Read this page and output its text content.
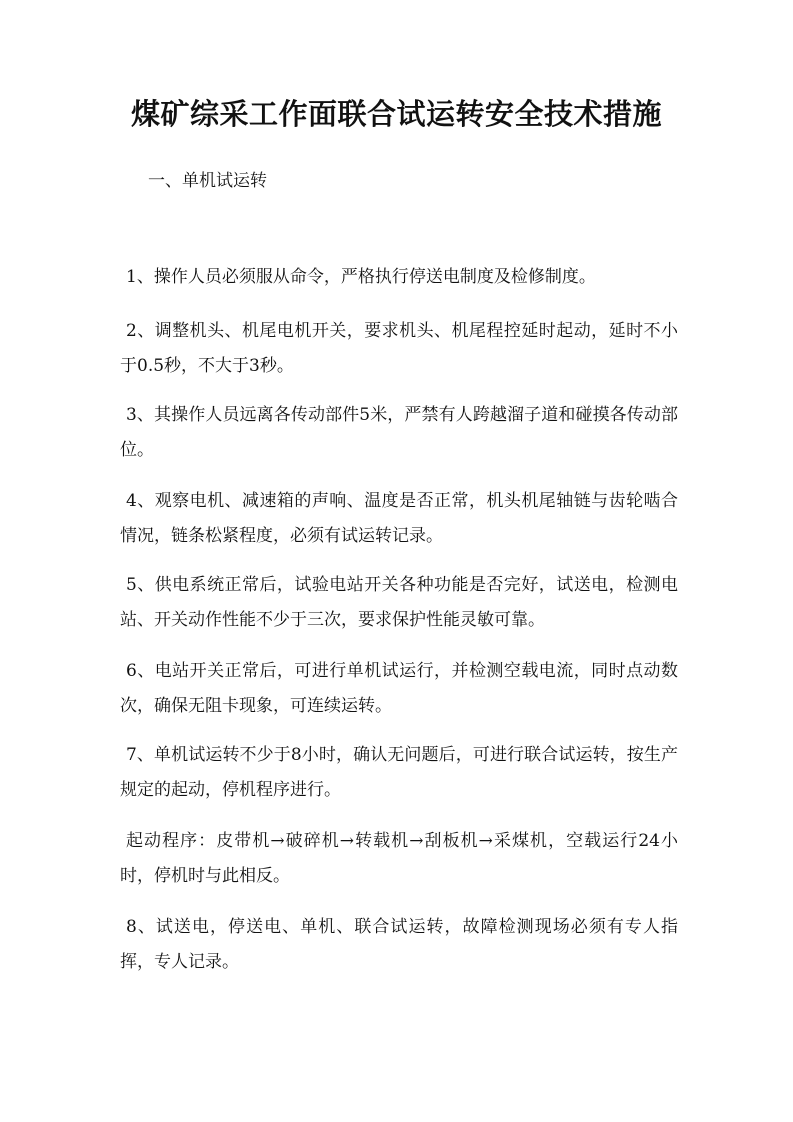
煤矿综采工作面联合试运转安全技术措施

一、单机试运转

1、操作人员必须服从命令，严格执行停送电制度及检修制度。

2、调整机头、机尾电机开关，要求机头、机尾程控延时起动，延时不小于0.5秒，不大于3秒。

3、其操作人员远离各传动部件5米，严禁有人跨越溜子道和碰摸各传动部位。

4、观察电机、减速箱的声响、温度是否正常，机头机尾轴链与齿轮啮合情况，链条松紧程度，必须有试运转记录。

5、供电系统正常后，试验电站开关各种功能是否完好，试送电，检测电站、开关动作性能不少于三次，要求保护性能灵敏可靠。

6、电站开关正常后，可进行单机试运行，并检测空载电流，同时点动数次，确保无阻卡现象，可连续运转。

7、单机试运转不少于8小时，确认无问题后，可进行联合试运转，按生产规定的起动，停机程序进行。

起动程序：皮带机→破碎机→转载机→刮板机→采煤机，空载运行24小时，停机时与此相反。

8、试送电，停送电、单机、联合试运转，故障检测现场必须有专人指挥，专人记录。
